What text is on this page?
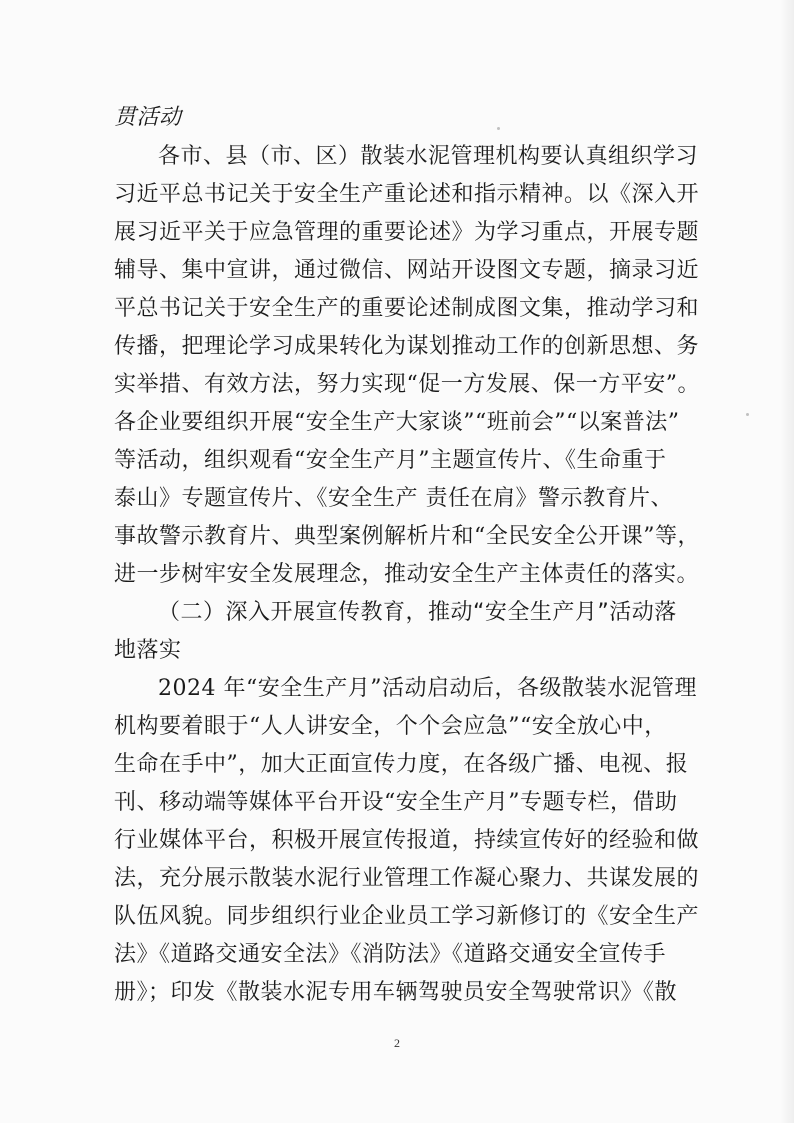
贯活动

各市、县（市、区）散装水泥管理机构要认真组织学习

习近平总书记关于安全生产重论述和指示精神。以《深入开

展习近平关于应急管理的重要论述》为学习重点，开展专题

辅导、集中宣讲，通过微信、网站开设图文专题，摘录习近

平总书记关于安全生产的重要论述制成图文集，推动学习和

传播，把理论学习成果转化为谋划推动工作的创新思想、务

实举措、有效方法，努力实现“促一方发展、保一方平安”。

各企业要组织开展“安全生产大家谈”“班前会”“以案普法”

等活动，组织观看“安全生产月”主题宣传片、《生命重于

泰山》专题宣传片、《安全生产 责任在肩》警示教育片、

事故警示教育片、典型案例解析片和“全民安全公开课”等，

进一步树牢安全发展理念，推动安全生产主体责任的落实。

（二）深入开展宣传教育，推动“安全生产月”活动落

地落实

2024 年“安全生产月”活动启动后，各级散装水泥管理

机构要着眼于“人人讲安全，个个会应急”“安全放心中，

生命在手中”，加大正面宣传力度，在各级广播、电视、报

刊、移动端等媒体平台开设“安全生产月”专题专栏，借助

行业媒体平台，积极开展宣传报道，持续宣传好的经验和做

法，充分展示散装水泥行业管理工作凝心聚力、共谋发展的

队伍风貌。同步组织行业企业员工学习新修订的《安全生产

法》《道路交通安全法》《消防法》《道路交通安全宣传手

册》；印发《散装水泥专用车辆驾驶员安全驾驶常识》《散

2
